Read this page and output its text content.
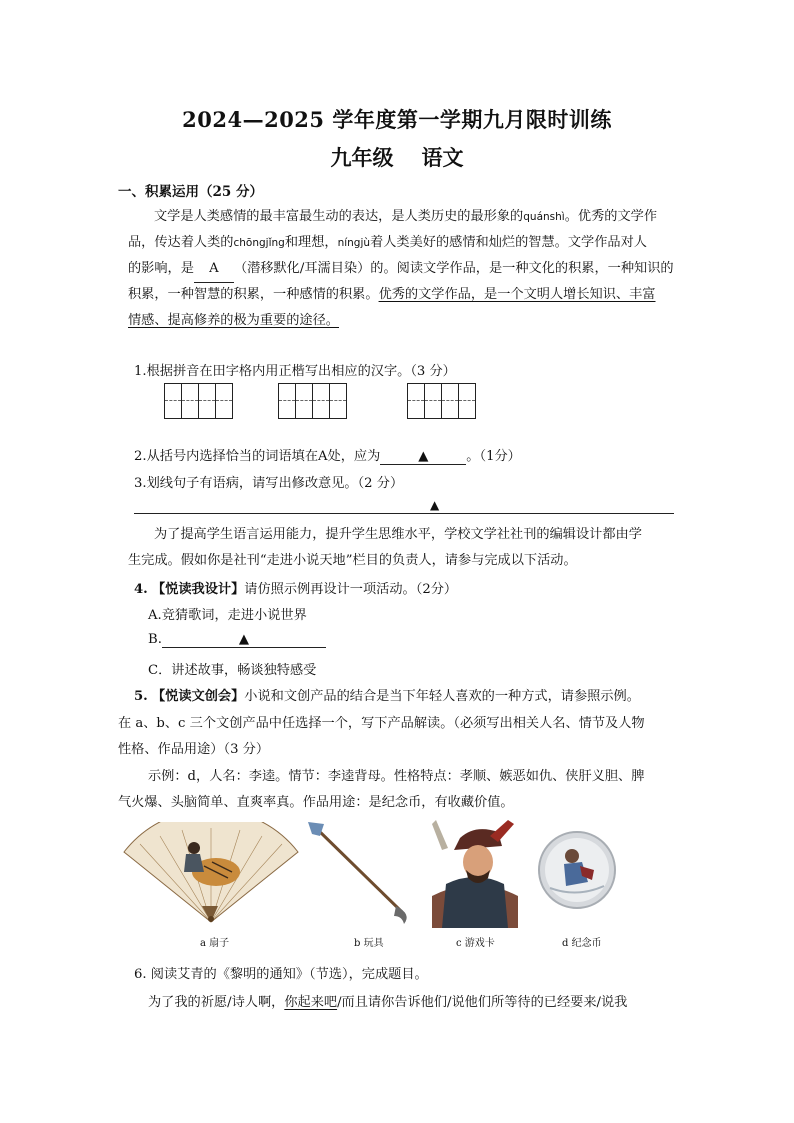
2024—2025 学年度第一学期九月限时训练
九年级 语文
一、积累运用（25 分）
文学是人类感情的最丰富最生动的表达，是人类历史的最形象的quánshì。优秀的文学作
品，传达着人类的chōngjǐng和理想，níngjù着人类美好的感情和灿烂的智慧。文学作品对人
的影响，是 A （潜移默化/耳濡目染）的。阅读文学作品，是一种文化的积累，一种知识的
积累，一种智慧的积累，一种感情的积累。优秀的文学作品，是一个文明人增长知识、丰富
情感、提高修养的极为重要的途径。
1.根据拼音在田字格内用正楷写出相应的汉字。（3 分）
2.从括号内选择恰当的词语填在A处，应为	▲	。（1分）
3.划线句子有语病，请写出修改意见。（2 分）
▲
为了提高学生语言运用能力，提升学生思维水平，学校文学社社刊的编辑设计都由学
生完成。假如你是社刊“走进小说天地”栏目的负责人，请参与完成以下活动。
4. 【悦读我设计】请仿照示例再设计一项活动。（2分）
A.竞猜歌词，走进小说世界
B.	▲
C．讲述故事，畅谈独特感受
5. 【悦读文创会】小说和文创产品的结合是当下年轻人喜欢的一种方式，请参照示例。
在 a、b、c 三个文创产品中任选择一个，写下产品解读。（必须写出相关人名、情节及人物
性格、作品用途）（3 分）
示例：d，人名：李逵。情节：李逵背母。性格特点：孝顺、嫉恶如仇、侠肝义胆、脾
气火爆、头脑简单、直爽率真。作品用途：是纪念币，有收藏价值。
a 扇子	b 玩具	c 游戏卡	d 纪念币
6. 阅读艾青的《黎明的通知》（节选），完成题目。
为了我的祈愿/诗人啊，你起来吧/而且请你告诉他们/说他们所等待的已经要来/说我
